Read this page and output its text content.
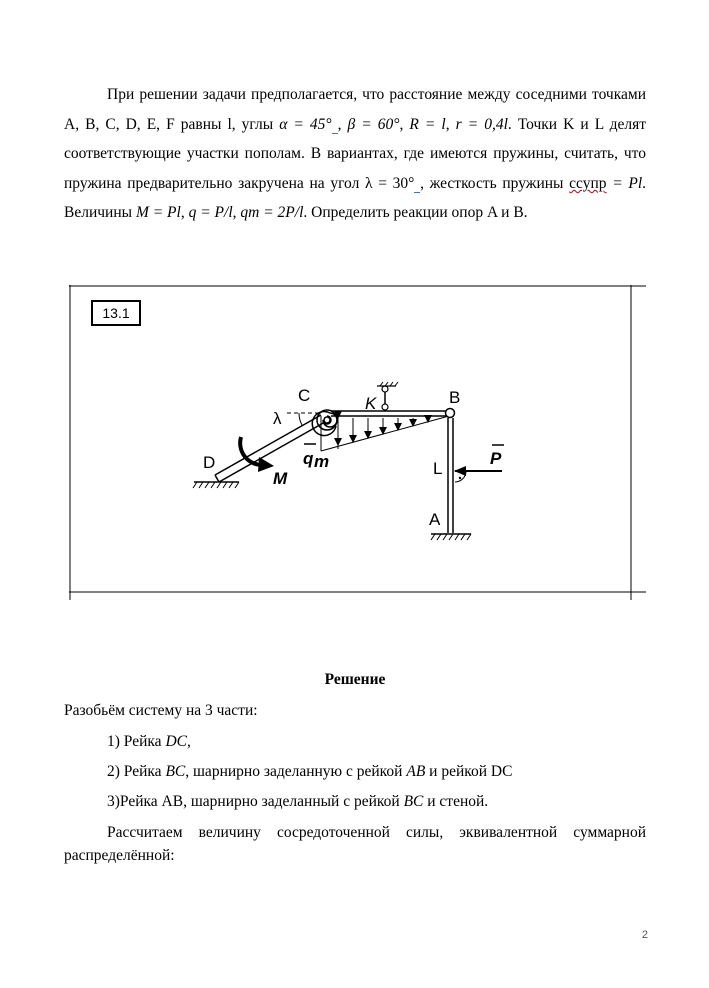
При решении задачи предполагается, что расстояние между соседними точками A, B, C, D, E, F равны l, углы α = 45° , β = 60°, R = l, r = 0,4l. Точки K и L делят соответствующие участки пополам. В вариантах, где имеются пружины, считать, что пружина предварительно закручена на угол λ = 30° , жесткость пружины ссупр = Pl. Величины M = Pl, q = P/l, qm = 2P/l. Определить реакции опор A и B.

D
C	B
K
L
A
λ
M
q m	P
13.1

Решение

Разобьём систему на 3 части:

1) Рейка DC,

2) Рейка BC, шарнирно заделанную с рейкой AB и рейкой DC

3)Рейка AB, шарнирно заделанный с рейкой BC и стеной.

Рассчитаем величину сосредоточенной силы, эквивалентной суммарной распределённой:

2
